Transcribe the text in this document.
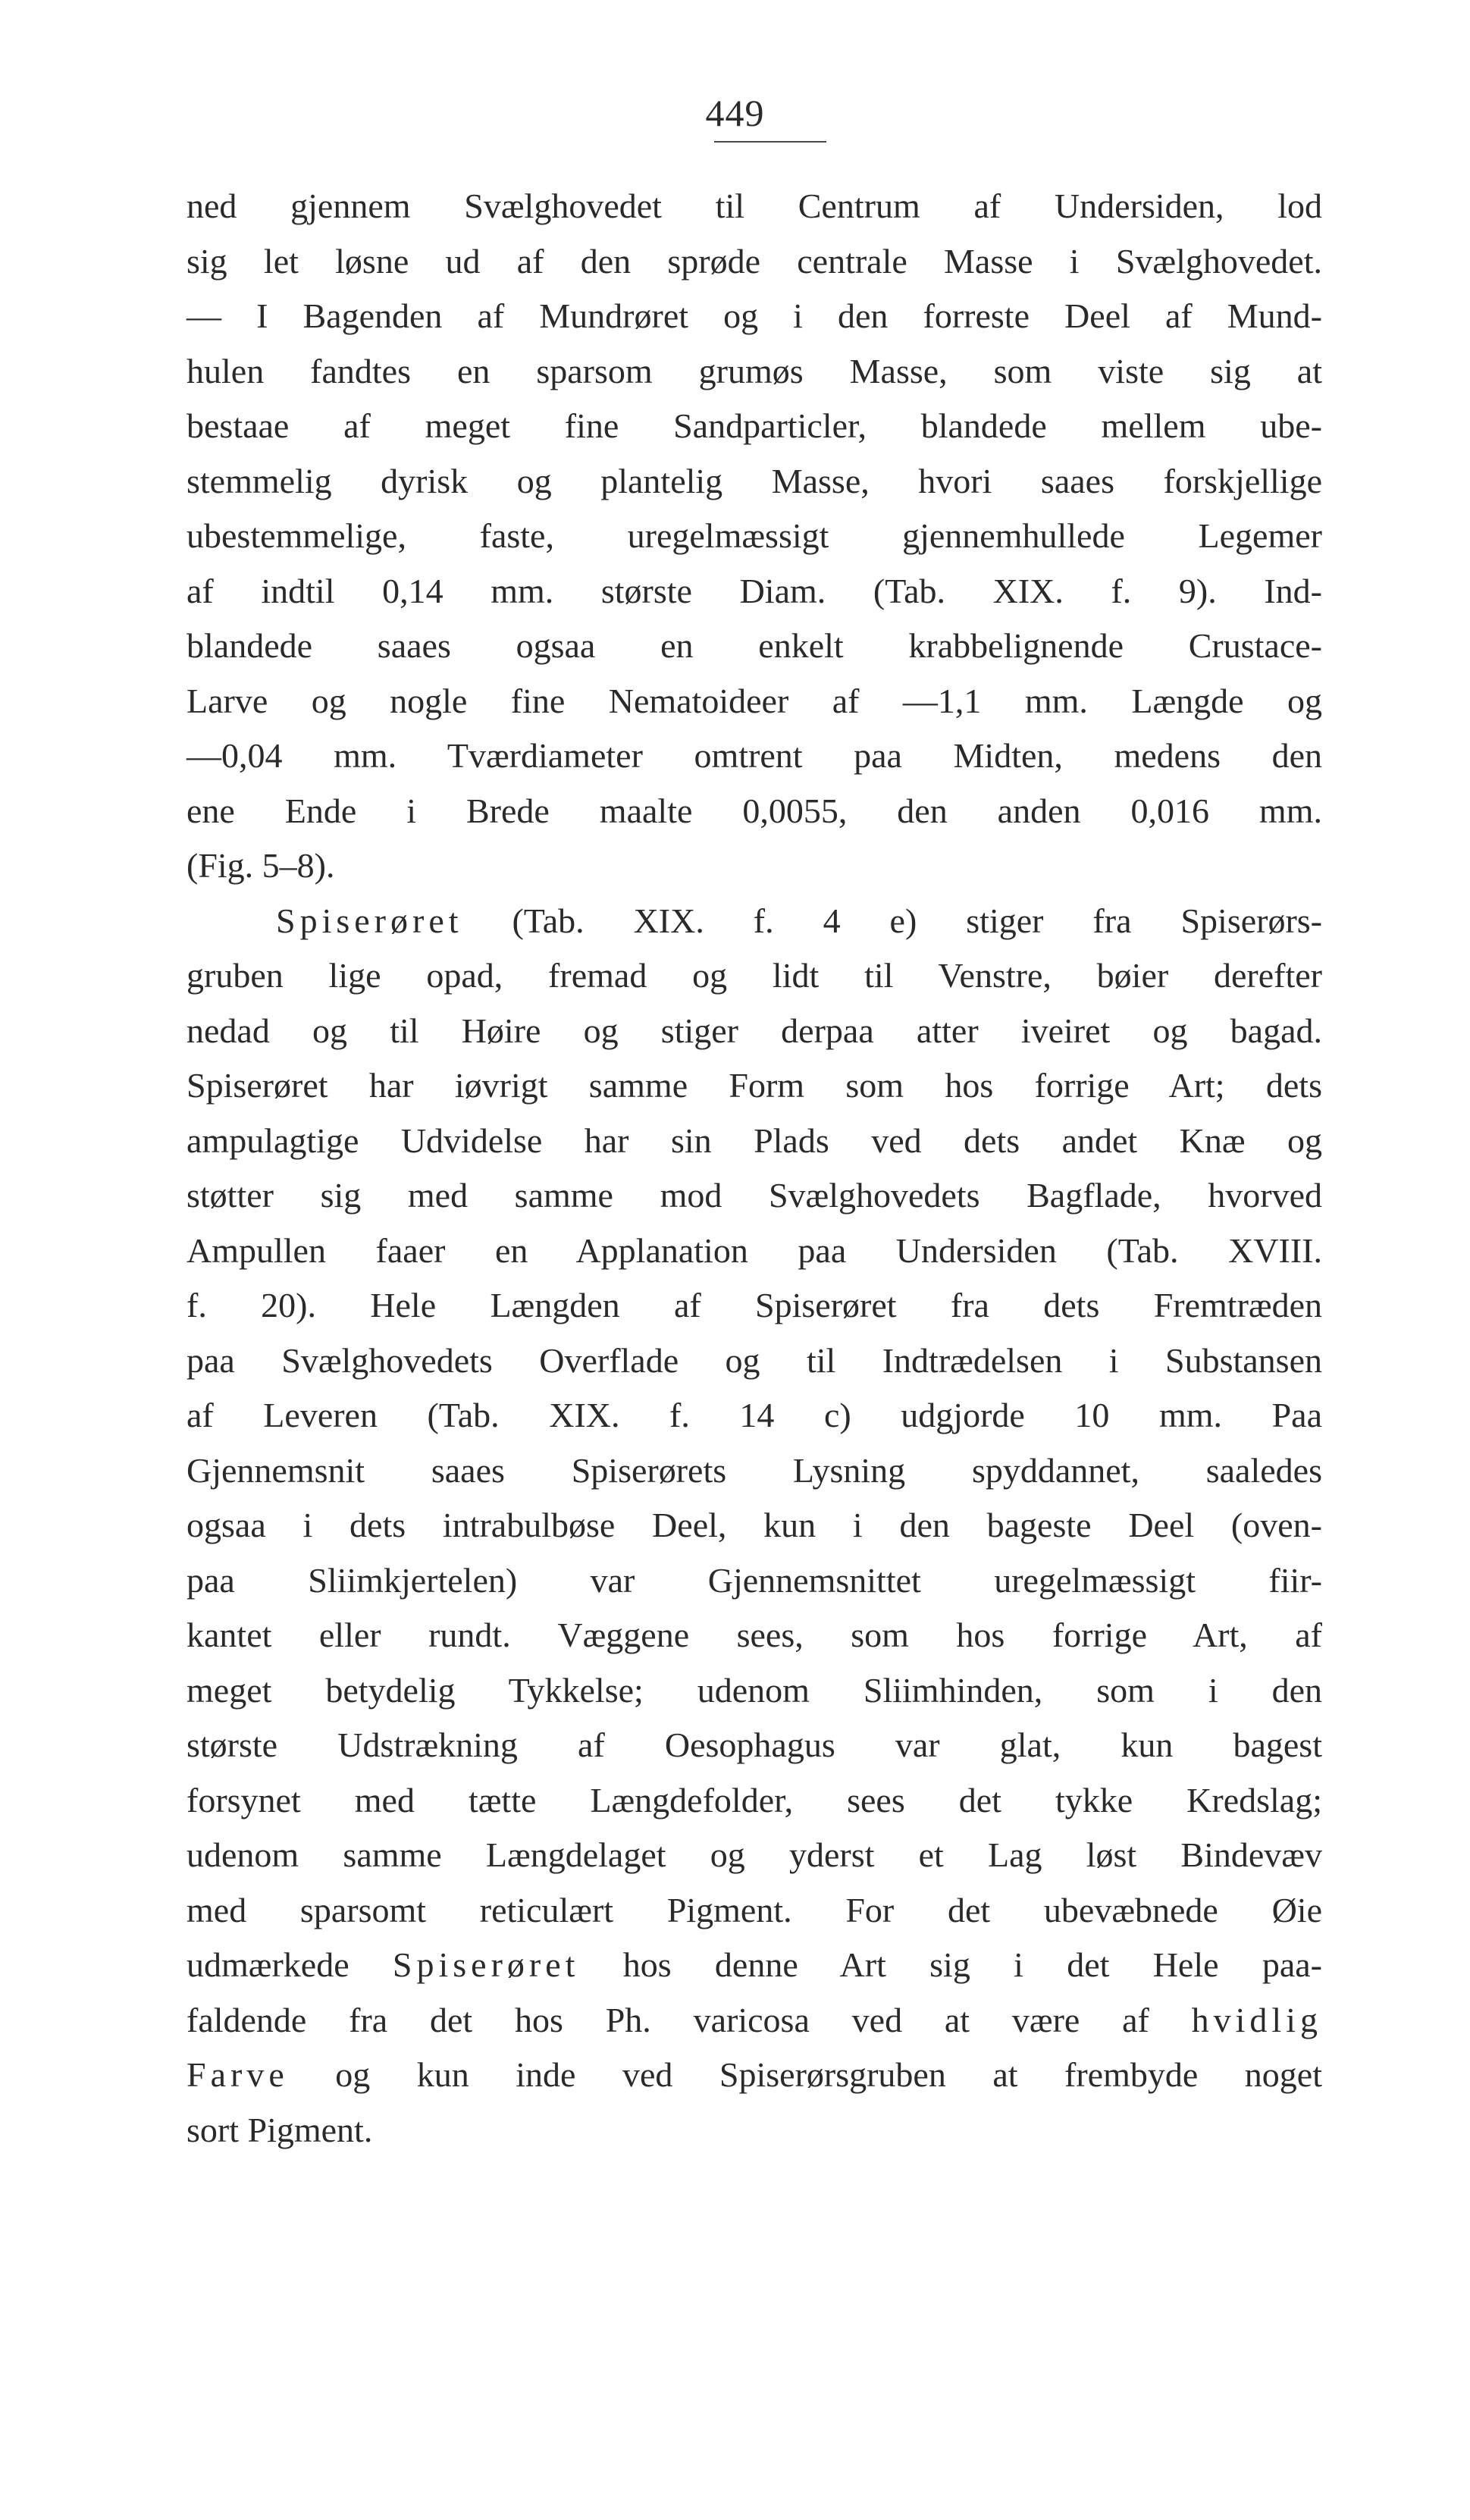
449
ned gjennem Svælghovedet til Centrum af Undersiden, lod
sig let løsne ud af den sprøde centrale Masse i Svælghovedet.
— I Bagenden af Mundrøret og i den forreste Deel af Mund-
hulen fandtes en sparsom grumøs Masse, som viste sig at
bestaae af meget fine Sandparticler, blandede mellem ube-
stemmelig dyrisk og plantelig Masse, hvori saaes forskjellige
ubestemmelige, faste, uregelmæssigt gjennemhullede Legemer
af indtil 0,14 mm. største Diam. (Tab. XIX. f. 9). Ind-
blandede saaes ogsaa en enkelt krabbelignende Crustace-
Larve og nogle fine Nematoideer af —1,1 mm. Længde og
—0,04 mm. Tværdiameter omtrent paa Midten, medens den
ene Ende i Brede maalte 0,0055, den anden 0,016 mm.
(Fig. 5–8).
Spiserøret (Tab. XIX. f. 4 e) stiger fra Spiserørs-
gruben lige opad, fremad og lidt til Venstre, bøier derefter
nedad og til Høire og stiger derpaa atter iveiret og bagad.
Spiserøret har iøvrigt samme Form som hos forrige Art; dets
ampulagtige Udvidelse har sin Plads ved dets andet Knæ og
støtter sig med samme mod Svælghovedets Bagflade, hvorved
Ampullen faaer en Applanation paa Undersiden (Tab. XVIII.
f. 20). Hele Længden af Spiserøret fra dets Fremtræden
paa Svælghovedets Overflade og til Indtrædelsen i Substansen
af Leveren (Tab. XIX. f. 14 c) udgjorde 10 mm. Paa
Gjennemsnit saaes Spiserørets Lysning spyddannet, saaledes
ogsaa i dets intrabulbøse Deel, kun i den bageste Deel (oven-
paa Sliimkjertelen) var Gjennemsnittet uregelmæssigt fiir-
kantet eller rundt. Væggene sees, som hos forrige Art, af
meget betydelig Tykkelse; udenom Sliimhinden, som i den
største Udstrækning af Oesophagus var glat, kun bagest
forsynet med tætte Længdefolder, sees det tykke Kredslag;
udenom samme Længdelaget og yderst et Lag løst Bindevæv
med sparsomt reticulært Pigment. For det ubevæbnede Øie
udmærkede Spiserøret hos denne Art sig i det Hele paa-
faldende fra det hos Ph. varicosa ved at være af hvidlig
Farve og kun inde ved Spiserørsgruben at frembyde noget
sort Pigment.
